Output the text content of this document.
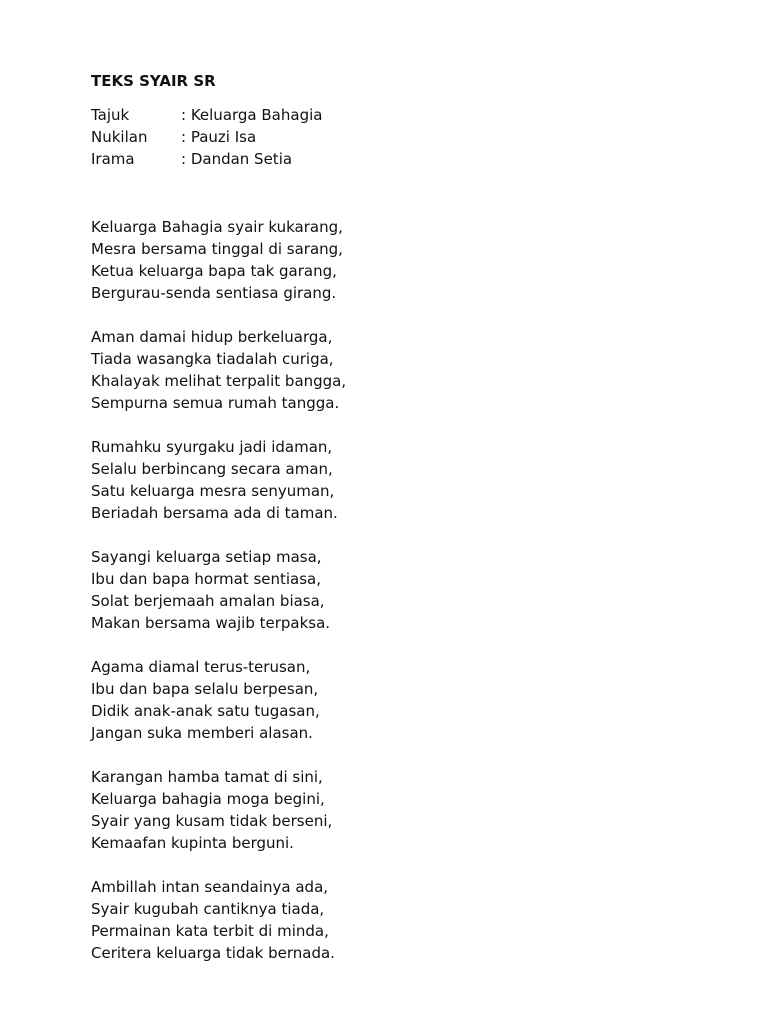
TEKS SYAIR SR
Tajuk	: Keluarga Bahagia
Nukilan	: Pauzi Isa
Irama	: Dandan Setia
Keluarga Bahagia syair kukarang,
Mesra bersama tinggal di sarang,
Ketua keluarga bapa tak garang,
Bergurau-senda sentiasa girang.
Aman damai hidup berkeluarga,
Tiada wasangka tiadalah curiga,
Khalayak melihat terpalit bangga,
Sempurna semua rumah tangga.
Rumahku syurgaku jadi idaman,
Selalu berbincang secara aman,
Satu keluarga mesra senyuman,
Beriadah bersama ada di taman.
Sayangi keluarga setiap masa,
Ibu dan bapa hormat sentiasa,
Solat berjemaah amalan biasa,
Makan bersama wajib terpaksa.
Agama diamal terus-terusan,
Ibu dan bapa selalu berpesan,
Didik anak-anak satu tugasan,
Jangan suka memberi alasan.
Karangan hamba tamat di sini,
Keluarga bahagia moga begini,
Syair yang kusam tidak berseni,
Kemaafan kupinta berguni.
Ambillah intan seandainya ada,
Syair kugubah cantiknya tiada,
Permainan kata terbit di minda,
Ceritera keluarga tidak bernada.
